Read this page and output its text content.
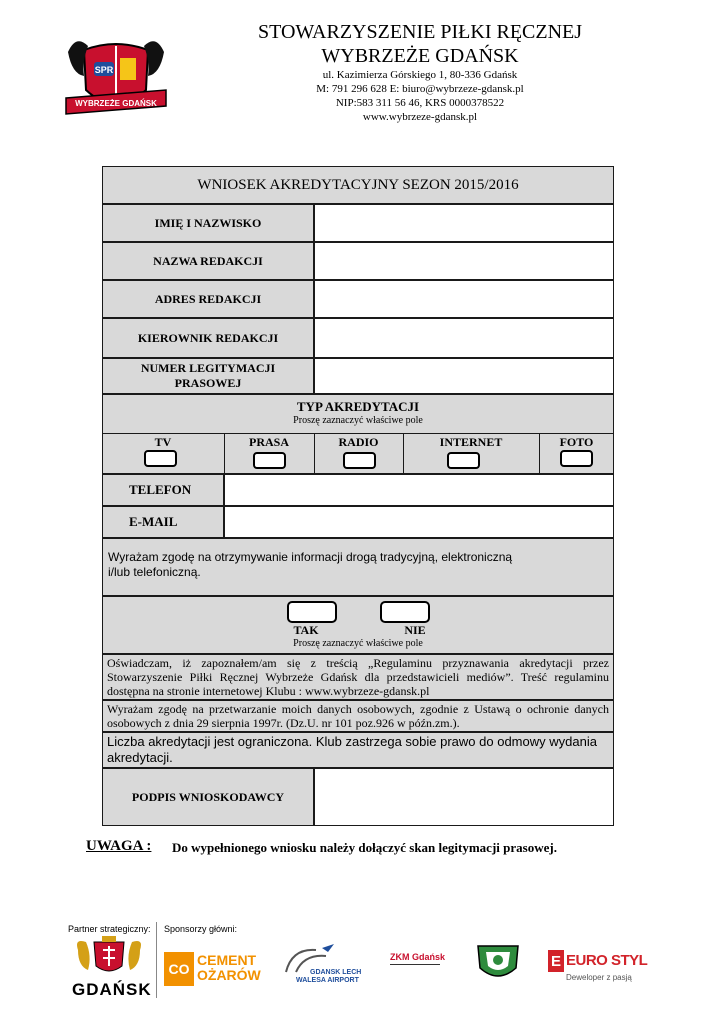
SPR
WYBRZEŻE GDAŃSK
STOWARZYSZENIE PIŁKI RĘCZNEJ
WYBRZEŻE GDAŃSK
ul. Kazimierza Górskiego 1, 80-336 Gdańsk
M: 791 296 628 E: biuro@wybrzeze-gdansk.pl
NIP:583 311 56 46, KRS 0000378522
www.wybrzeze-gdansk.pl
WNIOSEK AKREDYTACYJNY SEZON 2015/2016
IMIĘ I NAZWISKO
NAZWA REDAKCJI
ADRES REDAKCJI
KIEROWNIK REDAKCJI
NUMER LEGITYMACJI
PRASOWEJ
TYP AKREDYTACJI
Proszę zaznaczyć właściwe pole
TV	PRASA	RADIO	INTERNET	FOTO
TELEFON
E-MAIL
Wyrażam zgodę na otrzymywanie informacji drogą tradycyjną, elektroniczną
i/lub telefoniczną.
TAK	NIE
Proszę zaznaczyć właściwe pole
Oświadczam, iż zapoznałem/am się z treścią „Regulaminu przyznawania akredytacji przez Stowarzyszenie Piłki Ręcznej Wybrzeże Gdańsk dla przedstawicieli mediów”. Treść regulaminu dostępna na stronie internetowej Klubu : www.wybrzeze-gdansk.pl
Wyrażam zgodę na przetwarzanie moich danych osobowych, zgodnie z Ustawą o ochronie danych osobowych z dnia 29 sierpnia 1997r. (Dz.U. nr 101 poz.926 w późn.zm.).
Liczba akredytacji jest ograniczona. Klub zastrzega sobie prawo do odmowy wydania akredytacji.
PODPIS WNIOSKODAWCY
UWAGA : Do wypełnionego wniosku należy dołączyć skan legitymacji prasowej.
Partner strategiczny: Sponsorzy główni:
GDAŃSK
CO
CEMENT
OŻARÓW	GDANSK LECH
WALESA AIRPORT
ZKM Gdańsk	E EURO STYL
Deweloper z pasją
